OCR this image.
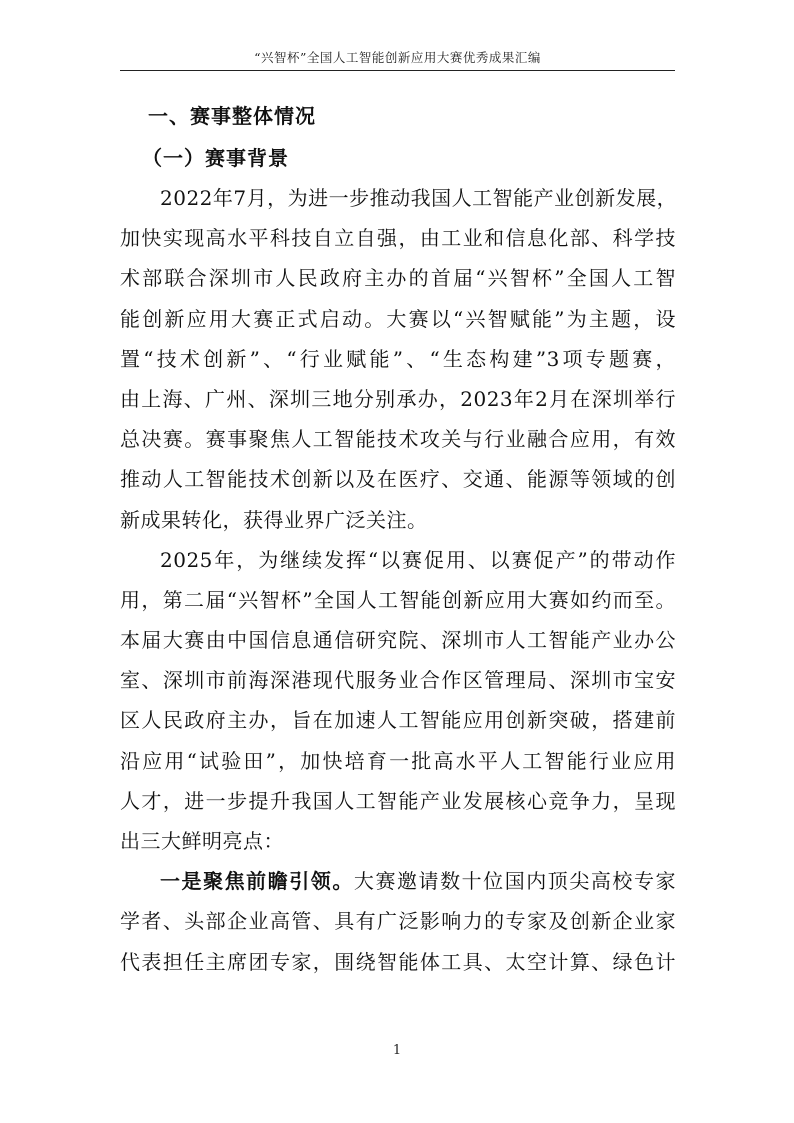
“兴智杯”全国人工智能创新应用大赛优秀成果汇编
一、赛事整体情况
（一）赛事背景
2022年7月，为进一步推动我国人工智能产业创新发展，
加快实现高水平科技自立自强，由工业和信息化部、科学技
术部联合深圳市人民政府主办的首届“兴智杯”全国人工智
能创新应用大赛正式启动。大赛以“兴智赋能”为主题，设
置“技术创新”、“行业赋能”、“生态构建”3项专题赛，
由上海、广州、深圳三地分别承办，2023年2月在深圳举行
总决赛。赛事聚焦人工智能技术攻关与行业融合应用，有效
推动人工智能技术创新以及在医疗、交通、能源等领域的创
新成果转化，获得业界广泛关注。
2025年，为继续发挥“以赛促用、以赛促产”的带动作
用，第二届“兴智杯”全国人工智能创新应用大赛如约而至。
本届大赛由中国信息通信研究院、深圳市人工智能产业办公
室、深圳市前海深港现代服务业合作区管理局、深圳市宝安
区人民政府主办，旨在加速人工智能应用创新突破，搭建前
沿应用“试验田”，加快培育一批高水平人工智能行业应用
人才，进一步提升我国人工智能产业发展核心竞争力，呈现
出三大鲜明亮点：
一是聚焦前瞻引领。大赛邀请数十位国内顶尖高校专家
学者、头部企业高管、具有广泛影响力的专家及创新企业家
代表担任主席团专家，围绕智能体工具、太空计算、绿色计
1
